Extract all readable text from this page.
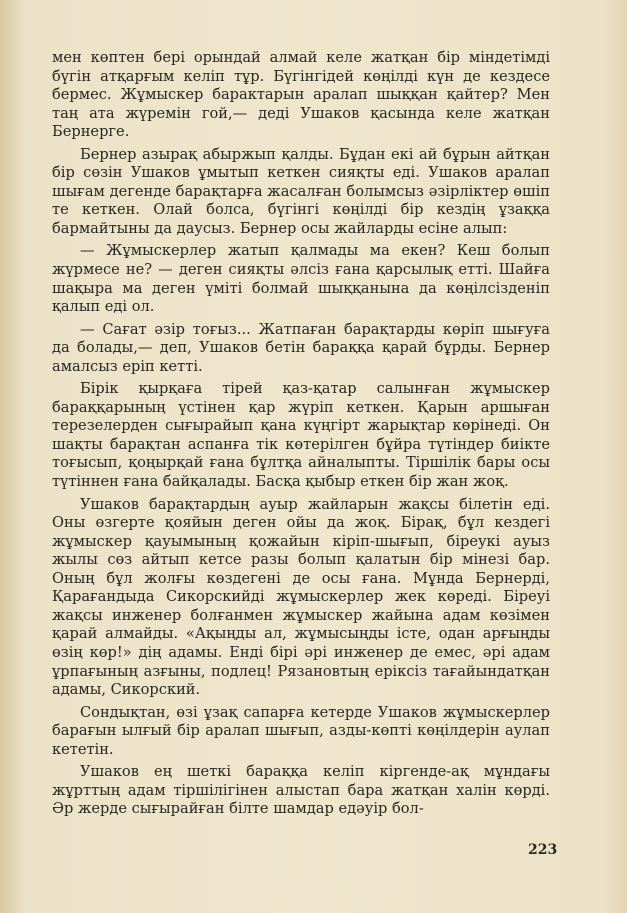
мен көптен бері орындай алмай келе жатқан бір міндетімді бүгін атқарғым келіп тұр. Бүгінгідей көңілді күн де кездесе бермес. Жұмыскер барактарын аралап шыққан қайтер? Мен таң ата жүремін гой,— деді Ушаков қасында келе жатқан Бернерге.

Бернер азырақ абыржып қалды. Бұдан екі ай бұрын айтқан бір сөзін Ушаков ұмытып кеткен сияқты еді. Ушаков аралап шығам дегенде барақтарға жасалған болымсыз әзірліктер өшіп те кеткен. Олай болса, бүгінгі көңілді бір кездің ұзаққа бармайтыны да даусыз. Бернер осы жайларды есіне алып:

— Жұмыскерлер жатып қалмады ма екен? Кеш болып жүрмесе не? — деген сияқты әлсіз ғана қарсылық етті. Шайға шақыра ма деген үміті болмай шыққанына да көңілсізденіп қалып еді ол.

— Сағат әзір тоғыз... Жатпаған барақтарды көріп шығуға да болады,— деп, Ушаков бетін бараққа қарай бұрды. Бернер амалсыз еріп кетті.

Бірік қырқаға тірей қаз-қатар салынған жұмыскер бараққарының үстінен қар жүріп кеткен. Қарын аршыған терезелерден сығырайып қана күңгірт жарықтар көрінеді. Он шақты барақтан аспанға тік көтерілген бұйра түтіндер биікте тоғысып, қоңырқай ғана бұлтқа айналыпты. Тіршілік бары осы түтіннен ғана байқалады. Басқа қыбыр еткен бір жан жоқ.

Ушаков барақтардың ауыр жайларын жақсы білетін еді. Оны өзгерте қояйын деген ойы да жоқ. Бірақ, бұл кездегі жұмыскер қауымының қожайын кіріп-шығып, біреукі ауыз жылы сөз айтып кетсе разы болып қалатын бір мінезі бар. Оның бұл жолғы көздегені де осы ғана. Мұнда Бернерді, Қарағандыда Сикорскийді жұмыскерлер жек көреді. Біреуі жақсы инженер болғанмен жұмыскер жайына адам көзімен қарай алмайды. «Ақыңды ал, жұмысыңды істе, одан арғыңды өзің көр!» дің адамы. Енді бірі әрі инженер де емес, әрі адам ұрпағының азғыны, подлец! Рязановтың еріксіз тағайындатқан адамы, Сикорский.

Сондықтан, өзі ұзақ сапарға кетерде Ушаков жұмыскерлер барағын ылғый бір аралап шығып, азды-көпті көңілдерін аулап кететін.

Ушаков ең шеткі бараққа келіп кіргенде-ақ мұндағы жұрттың адам тіршілігінен алыстап бара жатқан халін көрді. Әр жерде сығырайған білте шамдар едәуір бол-

223
